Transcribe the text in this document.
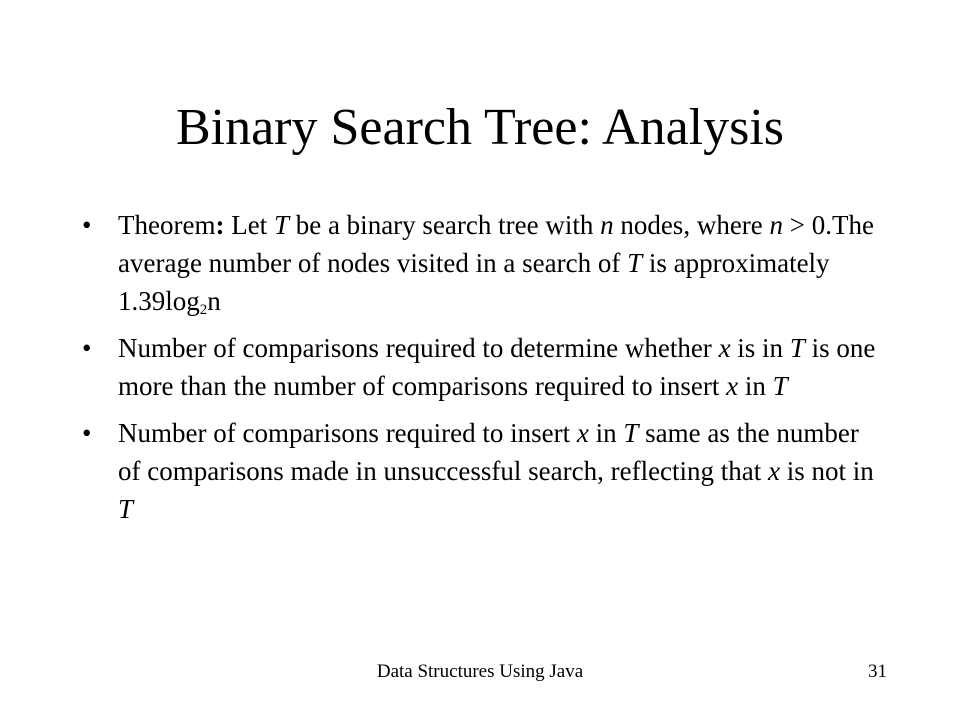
Binary Search Tree: Analysis
• Theorem: Let T be a binary search tree with n nodes, where n > 0.The average number of nodes visited in a search of T is approximately $1.39\log_2n$
• Number of comparisons required to determine whether x is in T is one more than the number of comparisons required to insert x in T
• Number of comparisons required to insert x in T same as the number of comparisons made in unsuccessful search, reflecting that x is not in T
Data Structures Using Java	31
